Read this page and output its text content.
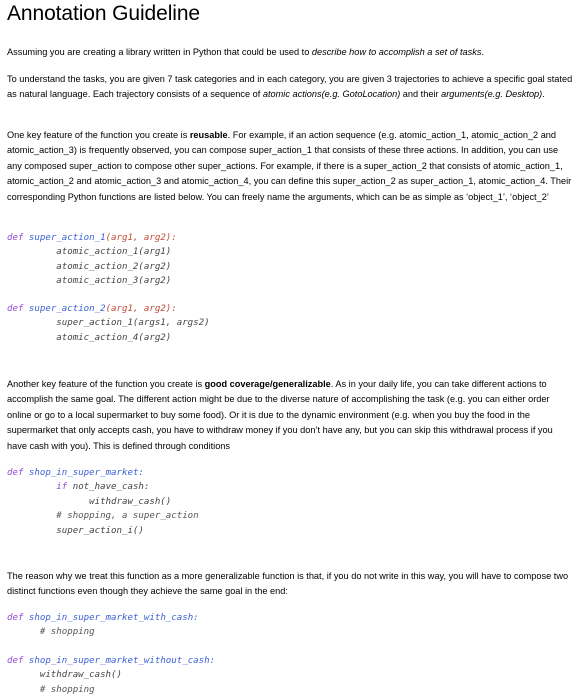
Annotation Guideline

Assuming you are creating a library written in Python that could be used to describe how to accomplish a set of tasks.

To understand the tasks, you are given 7 task categories and in each category, you are given 3 trajectories to achieve a specific goal stated as natural language. Each trajectory consists of a sequence of atomic actions(e.g. GotoLocation) and their arguments(e.g. Desktop).

One key feature of the function you create is reusable. For example, if an action sequence (e.g. atomic_action_1, atomic_action_2 and atomic_action_3) is frequently observed, you can compose super_action_1 that consists of these three actions. In addition, you can use any composed super_action to compose other super_actions. For example, if there is a super_action_2 that consists of atomic_action_1, atomic_action_2 and atomic_action_3 and atomic_action_4, you can define this super_action_2 as super_action_1, atomic_action_4. Their corresponding Python functions are listed below. You can freely name the arguments, which can be as simple as ‘object_1’, ‘object_2’

def super_action_1(arg1, arg2):
atomic_action_1(arg1)
atomic_action_2(arg2)
atomic_action_3(arg2)
def super_action_2(arg1, arg2):
super_action_1(args1, args2)
atomic_action_4(arg2)

Another key feature of the function you create is good coverage/generalizable. As in your daily life, you can take different actions to accomplish the same goal. The different action might be due to the diverse nature of accomplishing the task (e.g. you can either order online or go to a local supermarket to buy some food). Or it is due to the dynamic environment (e.g. when you buy the food in the supermarket that only accepts cash, you have to withdraw money if you don’t have any, but you can skip this withdrawal process if you have cash with you). This is defined through conditions

def shop_in_super_market:
if not_have_cash:
withdraw_cash()
# shopping, a super_action
super_action_i()

The reason why we treat this function as a more generalizable function is that, if you do not write in this way, you will have to compose two distinct functions even though they achieve the same goal in the end:

def shop_in_super_market_with_cash:
# shopping
def shop_in_super_market_without_cash:
withdraw_cash()
# shopping
